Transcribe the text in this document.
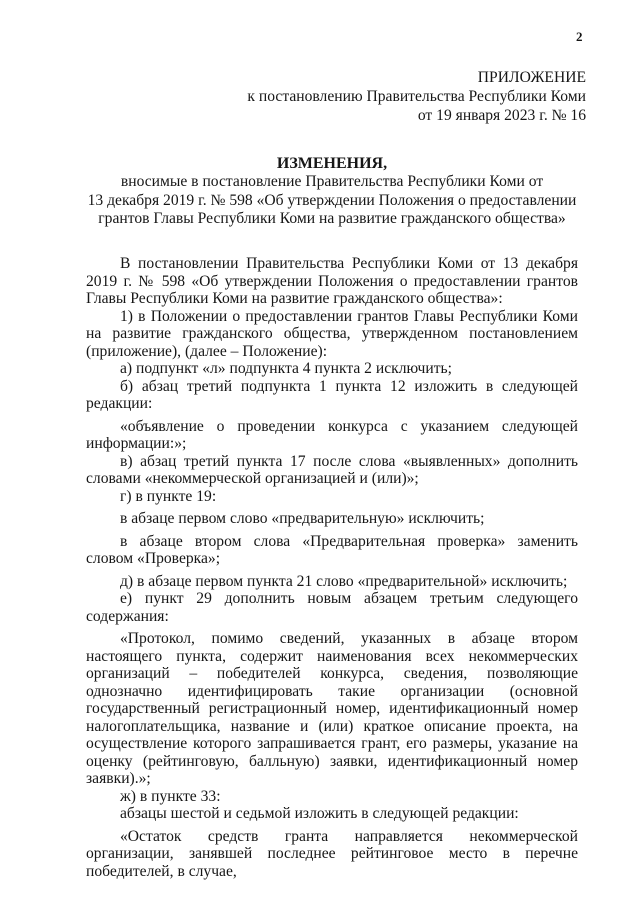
2
ПРИЛОЖЕНИЕ
к постановлению Правительства Республики Коми
от 19 января 2023 г. № 16
ИЗМЕНЕНИЯ,
вносимые в постановление Правительства Республики Коми от
13 декабря 2019 г. № 598 «Об утверждении Положения о предоставлении
грантов Главы Республики Коми на развитие гражданского общества»

В постановлении Правительства Республики Коми от 13 декабря 2019 г. № 598 «Об утверждении Положения о предоставлении грантов Главы Республики Коми на развитие гражданского общества»:

1) в Положении о предоставлении грантов Главы Республики Коми на развитие гражданского общества, утвержденном постановлением (приложение), (далее – Положение):

а) подпункт «л» подпункта 4 пункта 2 исключить;

б) абзац третий подпункта 1 пункта 12 изложить в следующей редакции:

«объявление о проведении конкурса с указанием следующей информации:»;

в) абзац третий пункта 17 после слова «выявленных» дополнить словами «некоммерческой организацией и (или)»;

г) в пункте 19:

в абзаце первом слово «предварительную» исключить;

в абзаце втором слова «Предварительная проверка» заменить словом «Проверка»;

д) в абзаце первом пункта 21 слово «предварительной» исключить;

е) пункт 29 дополнить новым абзацем третьим следующего содержания:

«Протокол, помимо сведений, указанных в абзаце втором настоящего пункта, содержит наименования всех некоммерческих организаций – победителей конкурса, сведения, позволяющие однозначно идентифицировать такие организации (основной государственный регистрационный номер, идентификационный номер налогоплательщика, название и (или) краткое описание проекта, на осуществление которого запрашивается грант, его размеры, указание на оценку (рейтинговую, балльную) заявки, идентификационный номер заявки).»;

ж) в пункте 33:

абзацы шестой и седьмой изложить в следующей редакции:

«Остаток средств гранта направляется некоммерческой организации, занявшей последнее рейтинговое место в перечне победителей, в случае,
